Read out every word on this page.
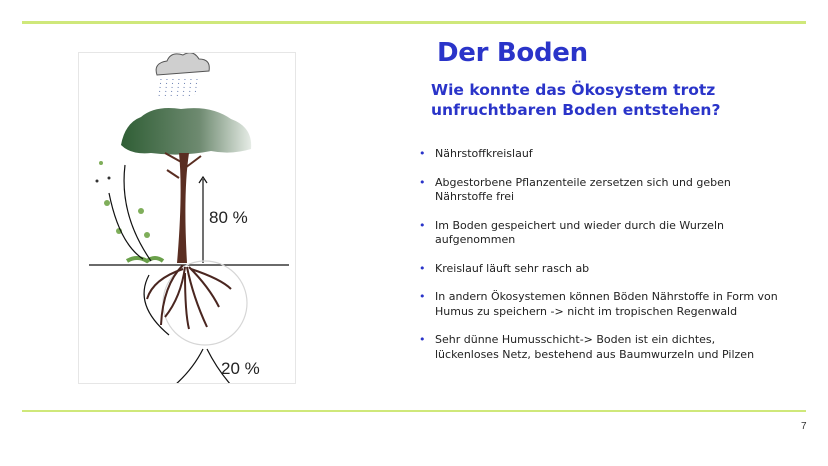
80 %
20 %
Der Boden
Wie konnte das Ökosystem trotz unfruchtbaren Boden entstehen?
• Nährstoffkreislauf
• Abgestorbene Pflanzenteile zersetzen sich und geben Nährstoffe frei
• Im Boden gespeichert und wieder durch die Wurzeln aufgenommen
• Kreislauf läuft sehr rasch ab
• In andern Ökosystemen können Böden Nährstoffe in Form von Humus zu speichern -> nicht im tropischen Regenwald
• Sehr dünne Humusschicht-> Boden ist ein dichtes, lückenloses Netz, bestehend aus Baumwurzeln und Pilzen
7
